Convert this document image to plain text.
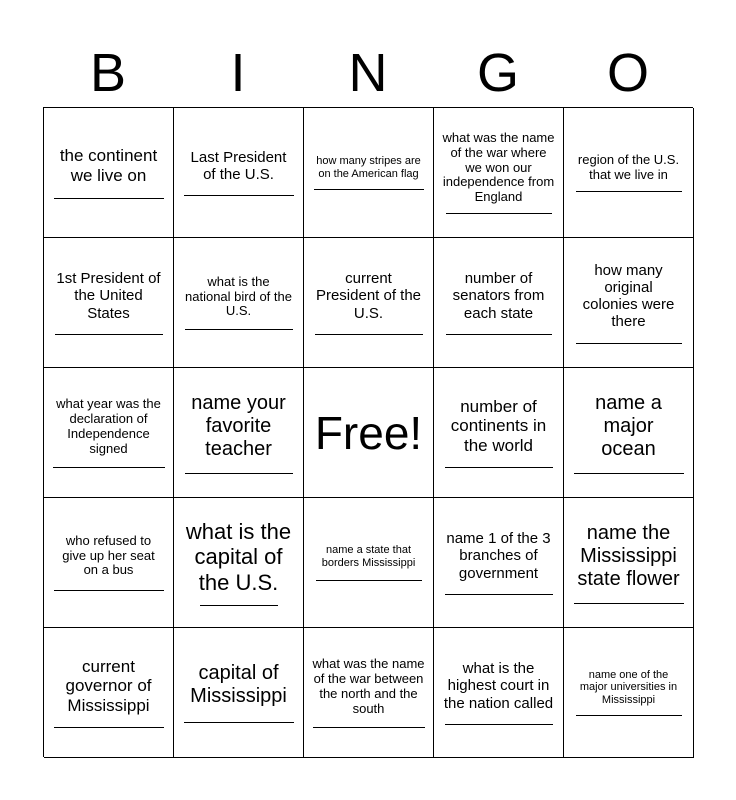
B	I	N	G	O
the continent we live on
Last President of the U.S.
how many stripes are on the American flag
what was the name of the war where we won our independence from England
region of the U.S. that we live in
1st President of the United States
what is the national bird of the U.S.
current President of the U.S.
number of senators from each state
how many original colonies were there
what year was the declaration of Independence signed
name your favorite teacher Free!
number of continents in the world
name a major ocean
who refused to give up her seat on a bus
what is the capital of the U.S.
name a state that borders Mississippi
name 1 of the 3 branches of government
name the Mississippi state flower
current governor of Mississippi
capital of Mississippi
what was the name of the war between the north and the south
what is the highest court in the nation called
name one of the major universities in Mississippi
